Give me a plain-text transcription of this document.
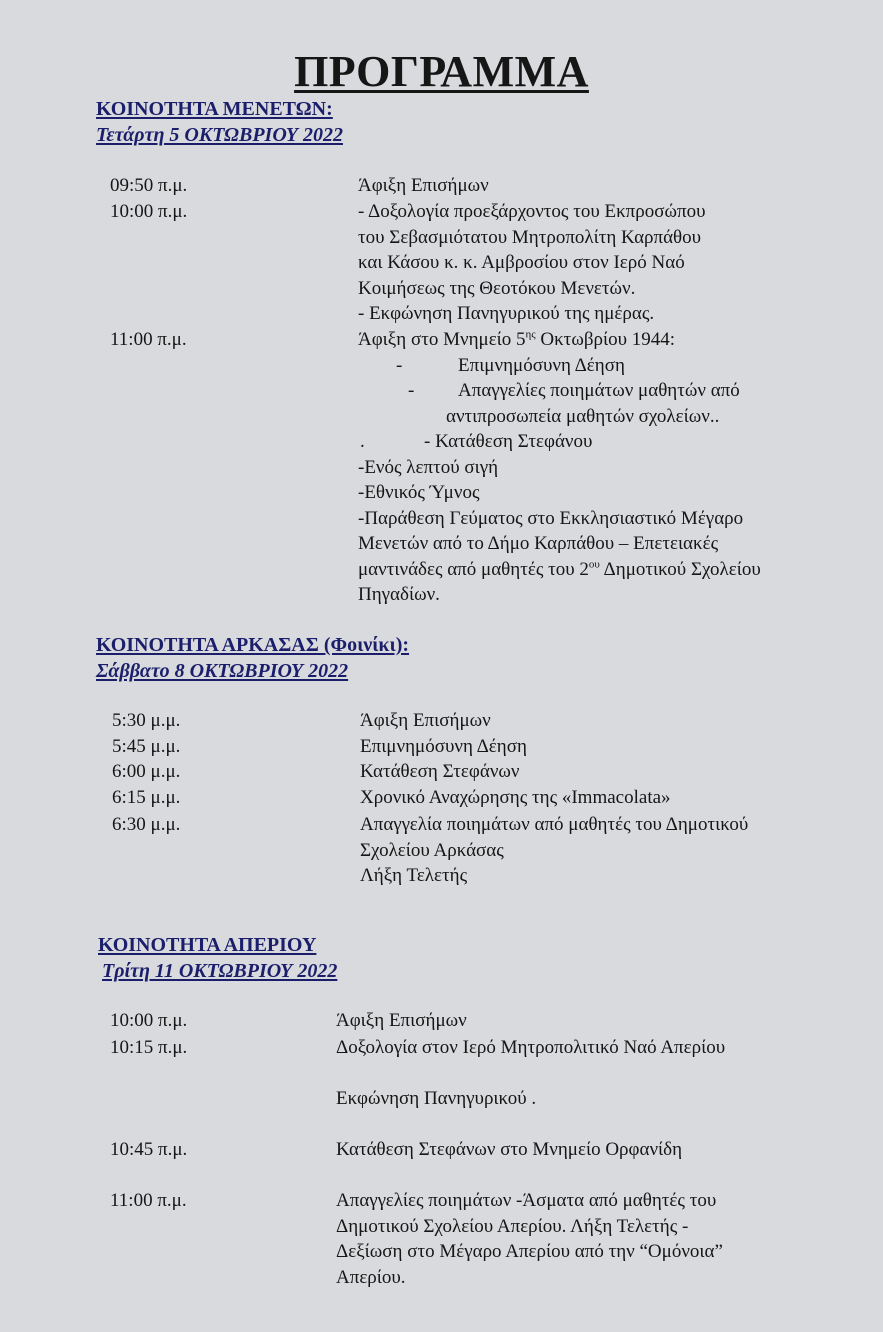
ΠΡΟΓΡΑΜΜΑ
ΚΟΙΝΟΤΗΤΑ ΜΕΝΕΤΩΝ:
Τετάρτη 5 ΟΚΤΩΒΡΙΟΥ 2022
09:50 π.μ.	Άφιξη Επισήμων
10:00 π.μ.	- Δοξολογία προεξάρχοντος του Εκπροσώπου
του Σεβασμιότατου Μητροπολίτη Καρπάθου
και Κάσου κ. κ. Αμβροσίου στον Ιερό Ναό
Κοιμήσεως της Θεοτόκου Μενετών.
- Εκφώνηση Πανηγυρικού της ημέρας.
11:00 π.μ.	Άφιξη στο Μνημείο $5^{\eta\varsigma}$ Οκτωβρίου 1944:
-	Επιμνημόσυνη Δέηση
- Απαγγελίες ποιημάτων μαθητών από
αντιπροσωπεία μαθητών σχολείων..
.	- Κατάθεση Στεφάνου
-Ενός λεπτού σιγή
-Εθνικός Ύμνος
-Παράθεση Γεύματος στο Εκκλησιαστικό Μέγαρο
Μενετών από το Δήμο Καρπάθου – Επετειακές
μαντινάδες από μαθητές του $2^{o\upsilon}$ Δημοτικού Σχολείου
Πηγαδίων.
ΚΟΙΝΟΤΗΤΑ ΑΡΚΑΣΑΣ (Φοινίκι):
Σάββατο 8 ΟΚΤΩΒΡΙΟΥ 2022
5:30 μ.μ.	Άφιξη Επισήμων
5:45 μ.μ.	Επιμνημόσυνη Δέηση
6:00 μ.μ.	Κατάθεση Στεφάνων
6:15 μ.μ.	Χρονικό Αναχώρησης της «Immacolata»
6:30 μ.μ.	Απαγγελία ποιημάτων από μαθητές του Δημοτικού
Σχολείου Αρκάσας
Λήξη Τελετής
ΚΟΙΝΟΤΗΤΑ ΑΠΕΡΙΟΥ
Τρίτη 11 ΟΚΤΩΒΡΙΟΥ 2022
10:00 π.μ.	Άφιξη Επισήμων
10:15 π.μ.	Δοξολογία στον Ιερό Μητροπολιτικό Ναό Απερίου
Εκφώνηση Πανηγυρικού .
10:45 π.μ.	Κατάθεση Στεφάνων στο Μνημείο Ορφανίδη
11:00 π.μ.	Απαγγελίες ποιημάτων -Άσματα από μαθητές του
Δημοτικού Σχολείου Απερίου. Λήξη Τελετής -
Δεξίωση στο Μέγαρο Απερίου από την “Ομόνοια”
Απερίου.
